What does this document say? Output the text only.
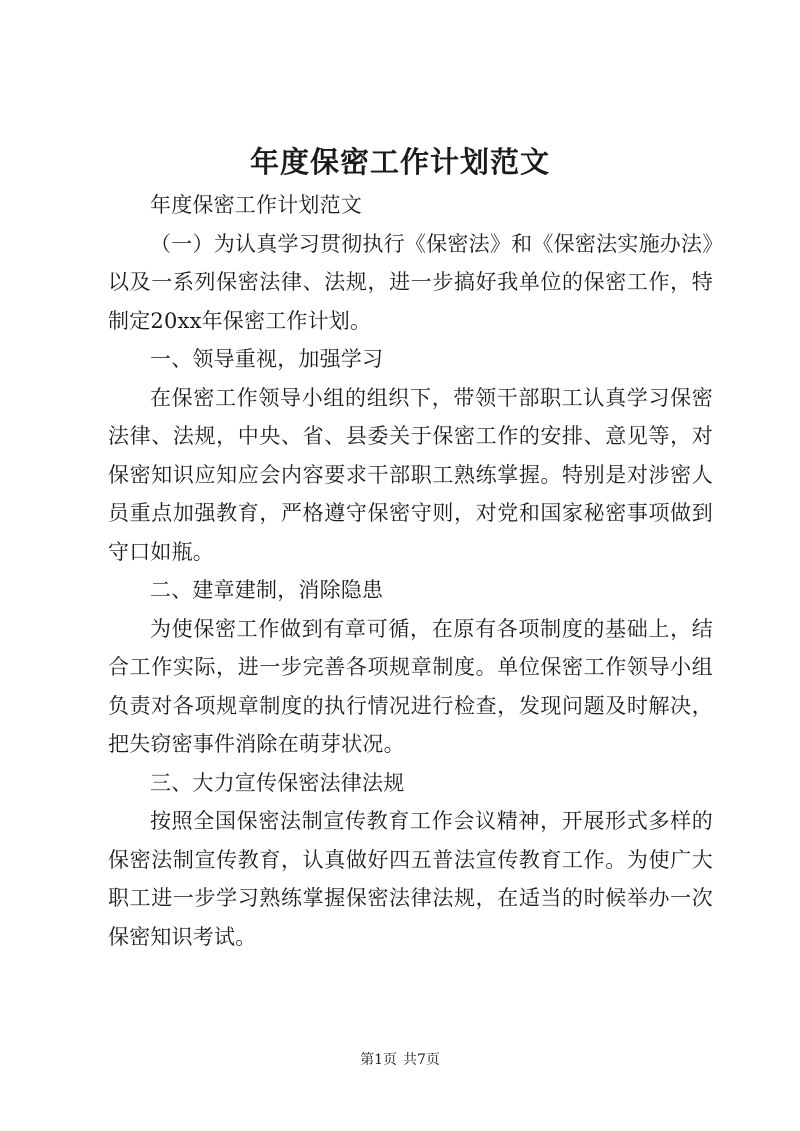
年度保密工作计划范文

年度保密工作计划范文

（一）为认真学习贯彻执行《保密法》和《保密法实施办法》以及一系列保密法律、法规，进一步搞好我单位的保密工作，特制定20xx年保密工作计划。

一、领导重视，加强学习

在保密工作领导小组的组织下，带领干部职工认真学习保密法律、法规，中央、省、县委关于保密工作的安排、意见等，对保密知识应知应会内容要求干部职工熟练掌握。特别是对涉密人员重点加强教育，严格遵守保密守则，对党和国家秘密事项做到守口如瓶。

二、建章建制，消除隐患

为使保密工作做到有章可循，在原有各项制度的基础上，结合工作实际，进一步完善各项规章制度。单位保密工作领导小组负责对各项规章制度的执行情况进行检查，发现问题及时解决，把失窃密事件消除在萌芽状况。

三、大力宣传保密法律法规

按照全国保密法制宣传教育工作会议精神，开展形式多样的保密法制宣传教育，认真做好四五普法宣传教育工作。为使广大职工进一步学习熟练掌握保密法律法规，在适当的时候举办一次保密知识考试。

第1页 共7页
